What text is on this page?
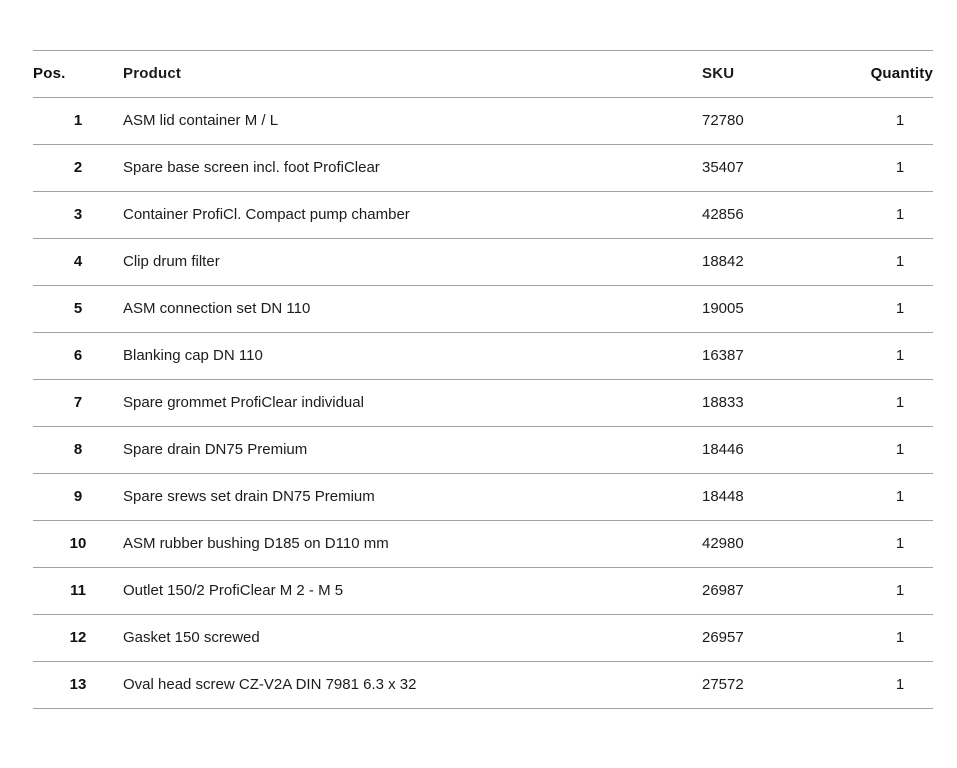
Pos.	Product	SKU	Quantity
1	ASM lid container M / L	72780	1
2	Spare base screen incl. foot ProfiClear	35407	1
3	Container ProfiCl. Compact pump chamber	42856	1
4	Clip drum filter	18842	1
5	ASM connection set DN 110	19005	1
6	Blanking cap DN 110	16387	1
7	Spare grommet ProfiClear individual	18833	1
8	Spare drain DN75 Premium	18446	1
9	Spare srews set drain DN75 Premium	18448	1
10	ASM rubber bushing D185 on D110 mm	42980	1
11	Outlet 150/2 ProfiClear M 2 - M 5	26987	1
12	Gasket 150 screwed	26957	1
13	Oval head screw CZ-V2A DIN 7981 6.3 x 32	27572	1
